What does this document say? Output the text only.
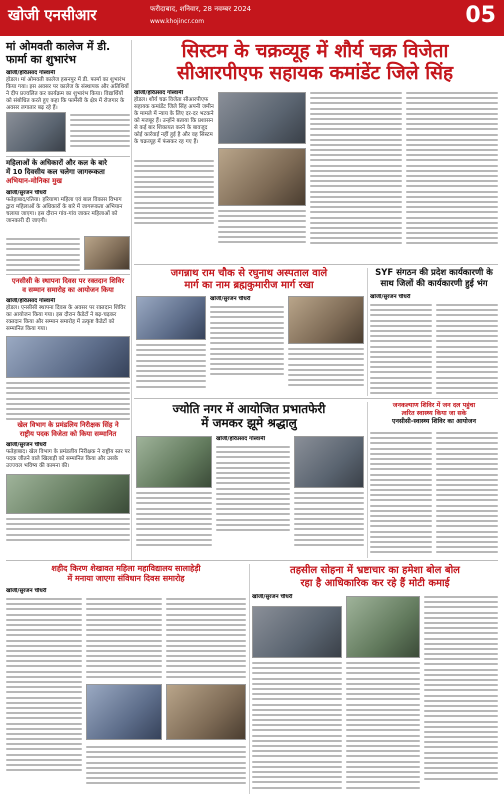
खोजी एनसीआर	फरीदाबाद, शनिवार, 28 नवम्बर 2024
www.khojincr.com	05
मां ओमवती कालेज में डी.
फार्मा का शुभारंभ
खोजी/हरिप्रसाद गोस्वामी

होडल। मां ओमवती कालेज हसनपुर में डी. फार्मा का शुभारंभ किया गया। इस अवसर पर कालेज के संस्थापक और अतिथियों ने दीप प्रज्वलित कर कार्यक्रम का शुभारंभ किया। विद्यार्थियों को संबोधित करते हुए कहा कि फार्मेसी के क्षेत्र में रोजगार के अवसर लगातार बढ़ रहे हैं।

महिलाओं के अधिकारों और कल के बारे
में 10 दिवसीय कल चलेगा जागरूकता
अभियान-मोनिका मुख
खोजी/सुरजन चौधरी

फतेहाबाद/रतिया। हरियाणा महिला एवं बाल विकास विभाग द्वारा महिलाओं के अधिकारों के बारे में जागरूकता अभियान चलाया जाएगा। इस दौरान गांव-गांव जाकर महिलाओं को जानकारी दी जाएगी।

एनसीसी के स्थापना दिवस पर रक्तदान शिविर
व सम्मान समारोह का आयोजन किया
खोजी/हरिप्रसाद गोस्वामी

होडल। एनसीसी स्थापना दिवस के अवसर पर रक्तदान शिविर का आयोजन किया गया। इस दौरान कैडेटों ने बढ़-चढ़कर रक्तदान किया और सम्मान समारोह में उत्कृष्ट कैडेटों को सम्मानित किया गया।

खेल विभाग के प्रमंडलिय निरीक्षक सिंह ने
राष्ट्रीय पदक विजेता को किया सम्मानित
खोजी/सुरजन चौधरी

फतेहाबाद। खेल विभाग के प्रमंडलीय निरीक्षक ने राष्ट्रीय स्तर पर पदक जीतने वाले खिलाड़ी को सम्मानित किया और उसके उज्ज्वल भविष्य की कामना की।

सिस्टम के चक्रव्यूह में शौर्य चक्र विजेता
सीआरपीएफ सहायक कमांडेंट जिले सिंह
खोजी/हरिप्रसाद गोस्वामी

होडल। शौर्य चक्र विजेता सीआरपीएफ सहायक कमांडेंट जिले सिंह अपनी जमीन के मामले में न्याय के लिए दर-दर भटकने को मजबूर हैं। उन्होंने बताया कि प्रशासन से कई बार शिकायत करने के बावजूद कोई कार्रवाई नहीं हुई है और वह सिस्टम के चक्रव्यूह में फंसकर रह गए हैं।

जगन्नाथ राम चौक से रघुनाथ अस्पताल वाले
मार्ग का नाम ब्रह्मकुमारीज मार्ग रखा
खोजी/सुरजन चौधरी
SYF संगठन की प्रदेश कार्यकारणी के
साथ जिलों की कार्यकारणी हुई भंग
खोजी/सुरजन चौधरी
ज्योति नगर में आयोजित प्रभातफेरी
में जमकर झूमे श्रद्धालु
खोजी/हरिप्रसाद गोस्वामी
जनकल्याण शिविर में जन दल पहुंचा
त्वरित स्वास्थ्य किया जा सके
एनसीसी-स्वास्थ्य शिविर का आयोजन
शहीद किरण शेखावत महिला महाविद्यालय सालाहेड़ी
में मनाया जाएगा संविधान दिवस समारोह
खोजी/सुरजन चौधरी
तहसील सोहना में भ्रष्टाचार का हमेशा बोल बोल
रहा है आधिकारिक कर रहे हैं मोटी कमाई
खोजी/सुरजन चौधरी
